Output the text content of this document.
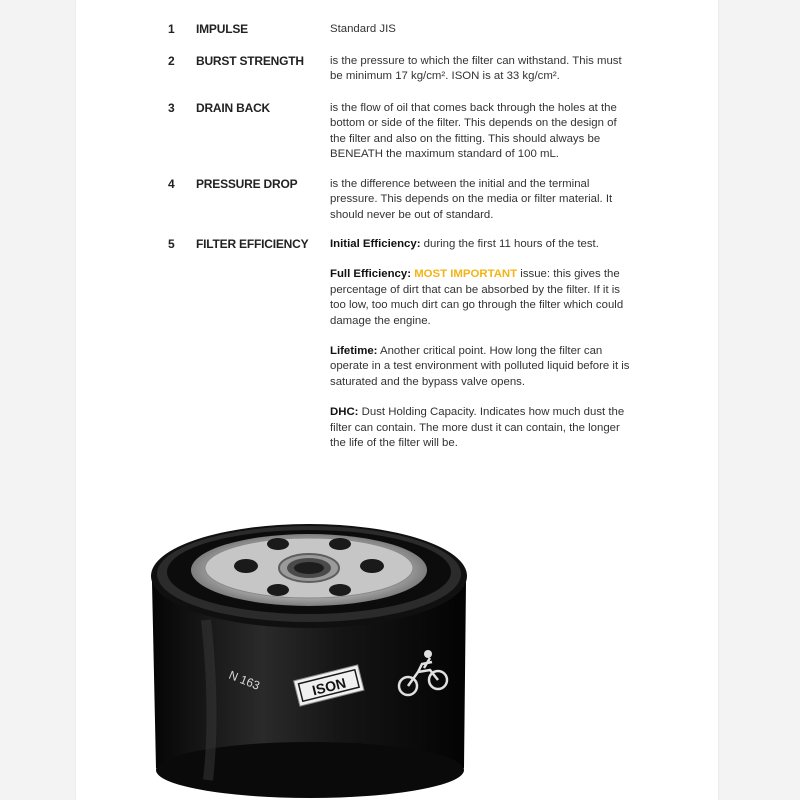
1	IMPULSE	Standard JIS
2	BURST STRENGTH	is the pressure to which the filter can withstand. This must be minimum 17 kg/cm². ISON is at 33 kg/cm².
3	DRAIN BACK	is the flow of oil that comes back through the holes at the bottom or side of the filter. This depends on the design of the filter and also on the fitting. This should always be BENEATH the maximum standard of 100 mL.
4	PRESSURE DROP	is the difference between the initial and the terminal pressure. This depends on the media or filter material. It should never be out of standard.
5	FILTER EFFICIENCY	Initial Efficiency: during the first 11 hours of the test.

Full Efficiency: MOST IMPORTANT issue: this gives the percentage of dirt that can be absorbed by the filter. If it is too low, too much dirt can go through the filter which could damage the engine.

Lifetime: Another critical point. How long the filter can operate in a test environment with polluted liquid before it is saturated and the bypass valve opens.

DHC: Dust Holding Capacity. Indicates how much dust the filter can contain. The more dust it can contain, the longer the life of the filter will be.

N 163	ISON
